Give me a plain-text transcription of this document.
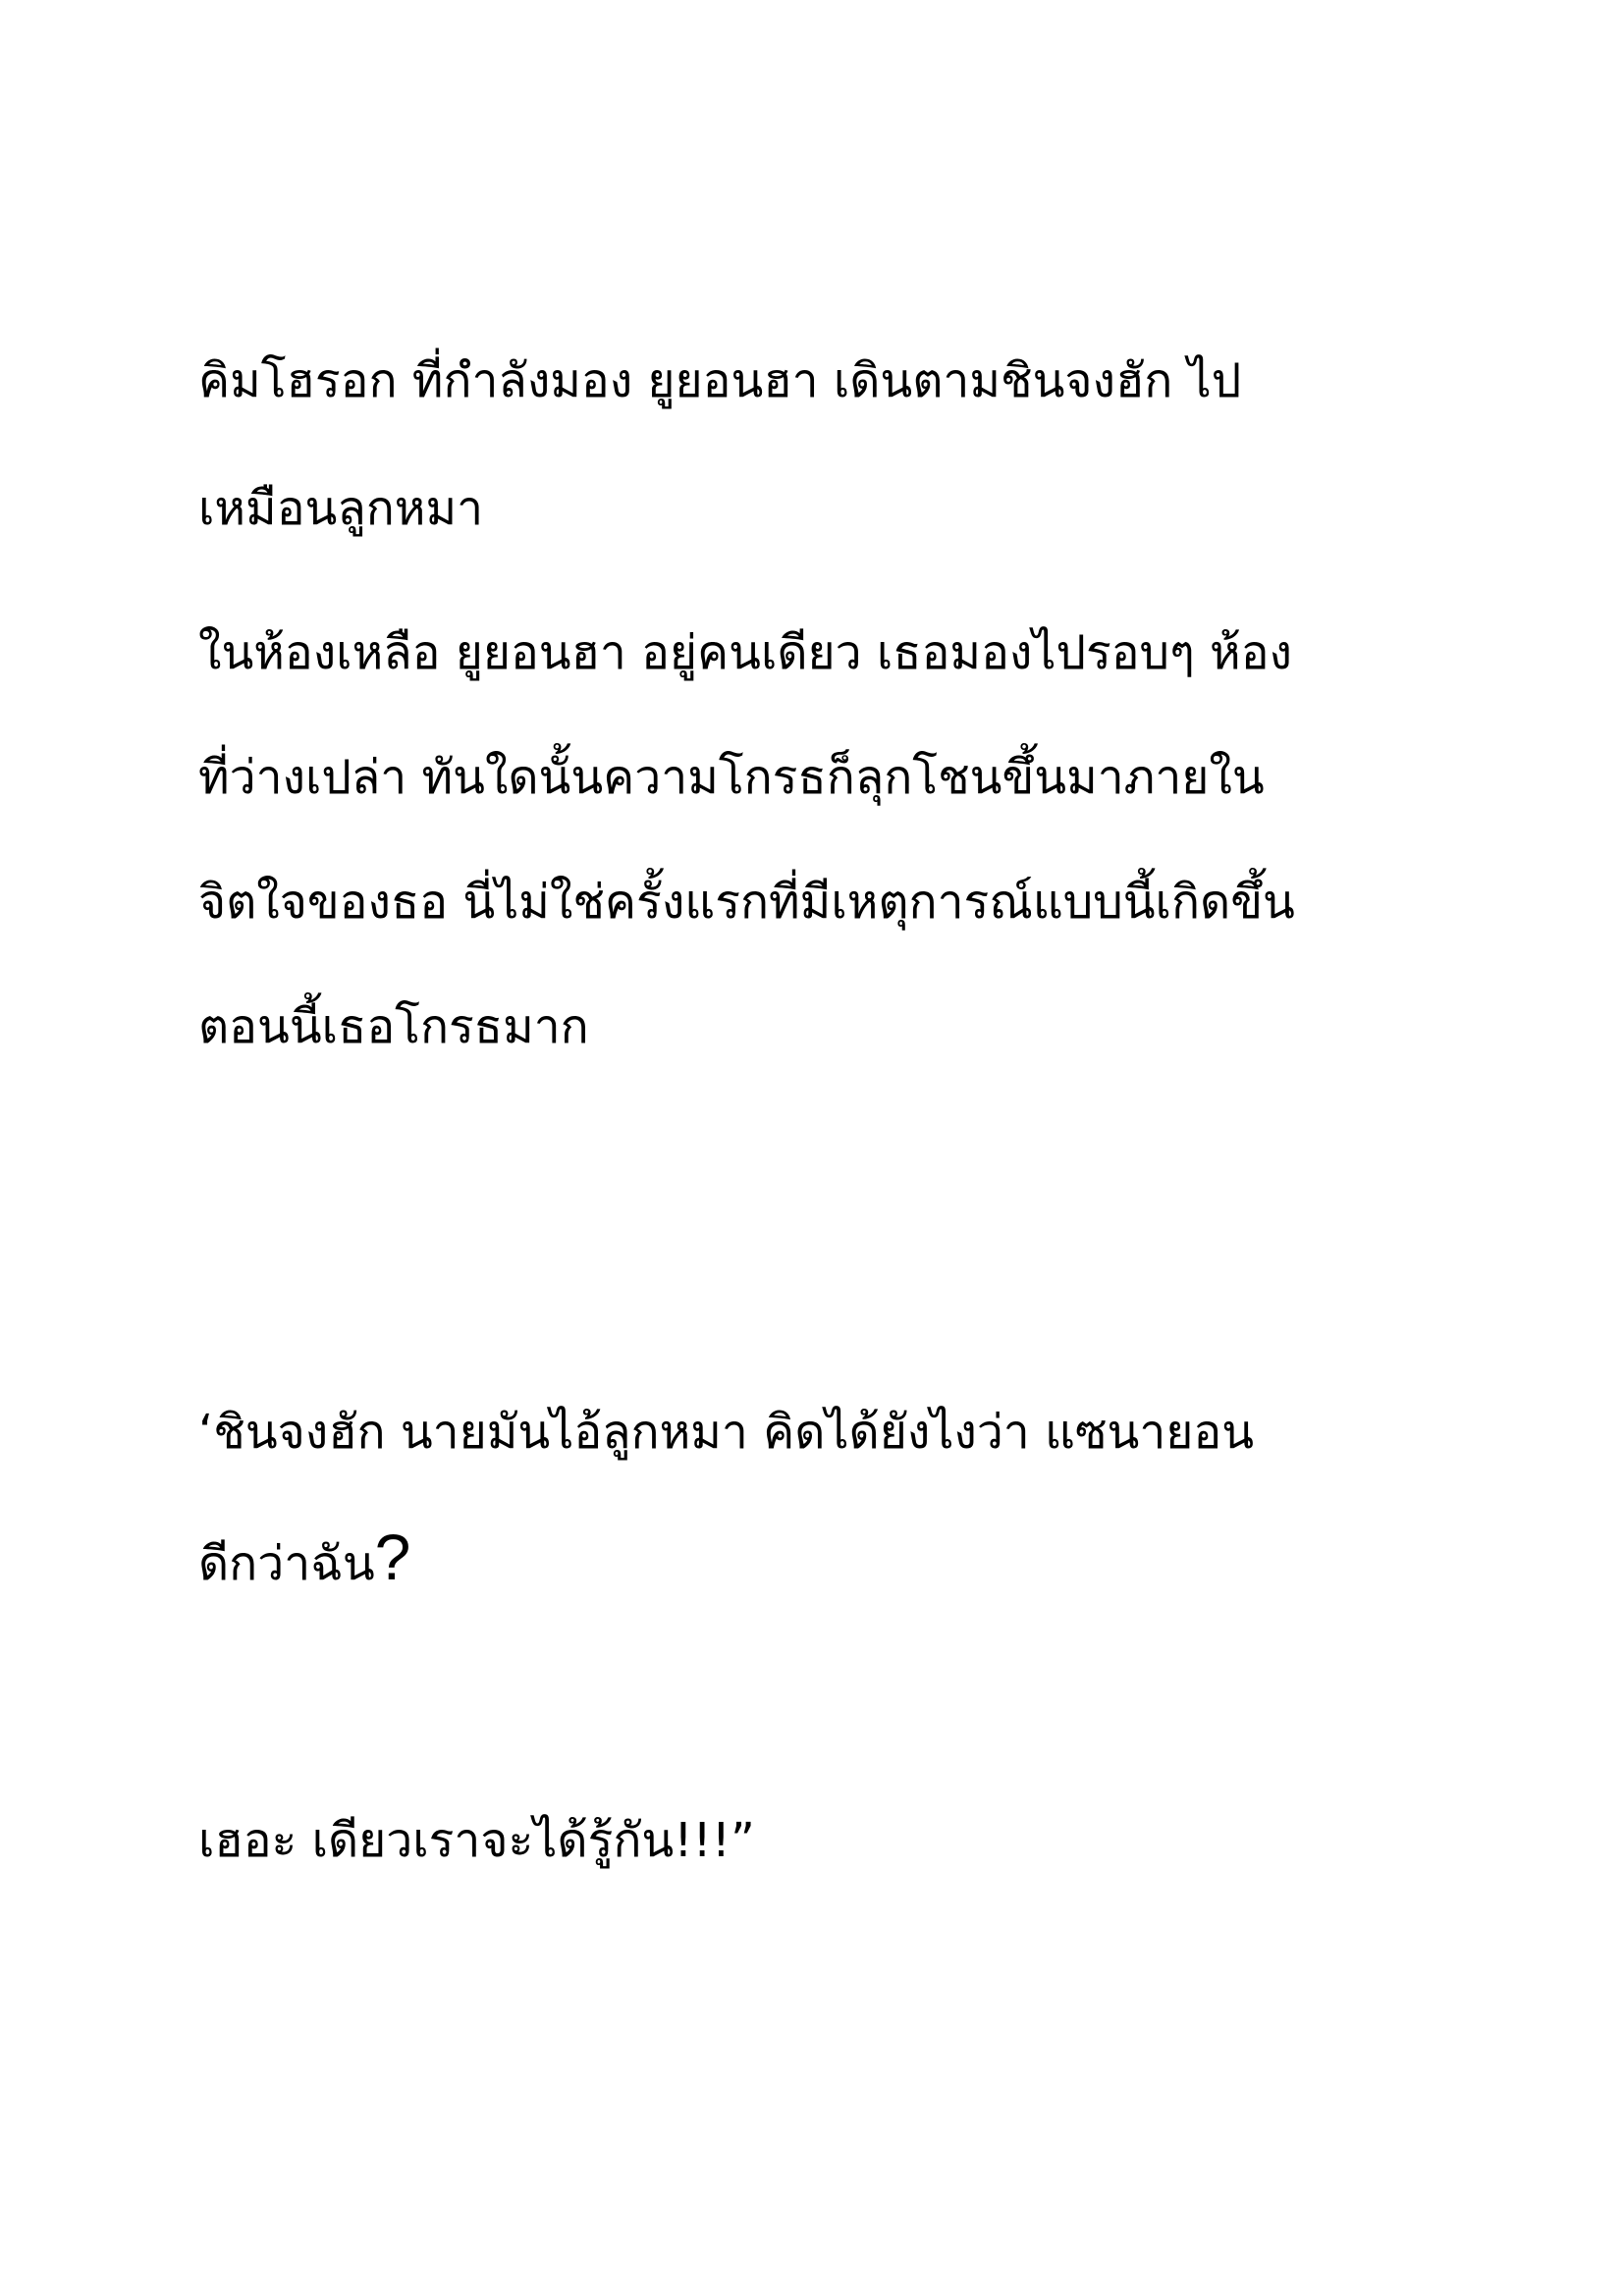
คิมโฮรอก ที่กำลังมอง ยูยอนฮา เดินตามชินจงฮัก ไป

เหมือนลูกหมา

ในห้องเหลือ ยูยอนฮา อยู่คนเดียว เธอมองไปรอบๆ ห้อง

ที่ว่างเปล่า ทันใดนั้นความโกรธก็ลุกโชนขึ้นมาภายใน

จิตใจของธอ นี่ไม่ใช่ครั้งแรกที่มีเหตุการณ์แบบนี้เกิดขึ้น

ตอนนี้เธอโกรธมาก

‘ชินจงฮัก นายมันไอ้ลูกหมา คิดได้ยังไงว่า แซนายอน

ดีกว่าฉัน?

เฮอะ เดียวเราจะได้รู้กัน!!!”
